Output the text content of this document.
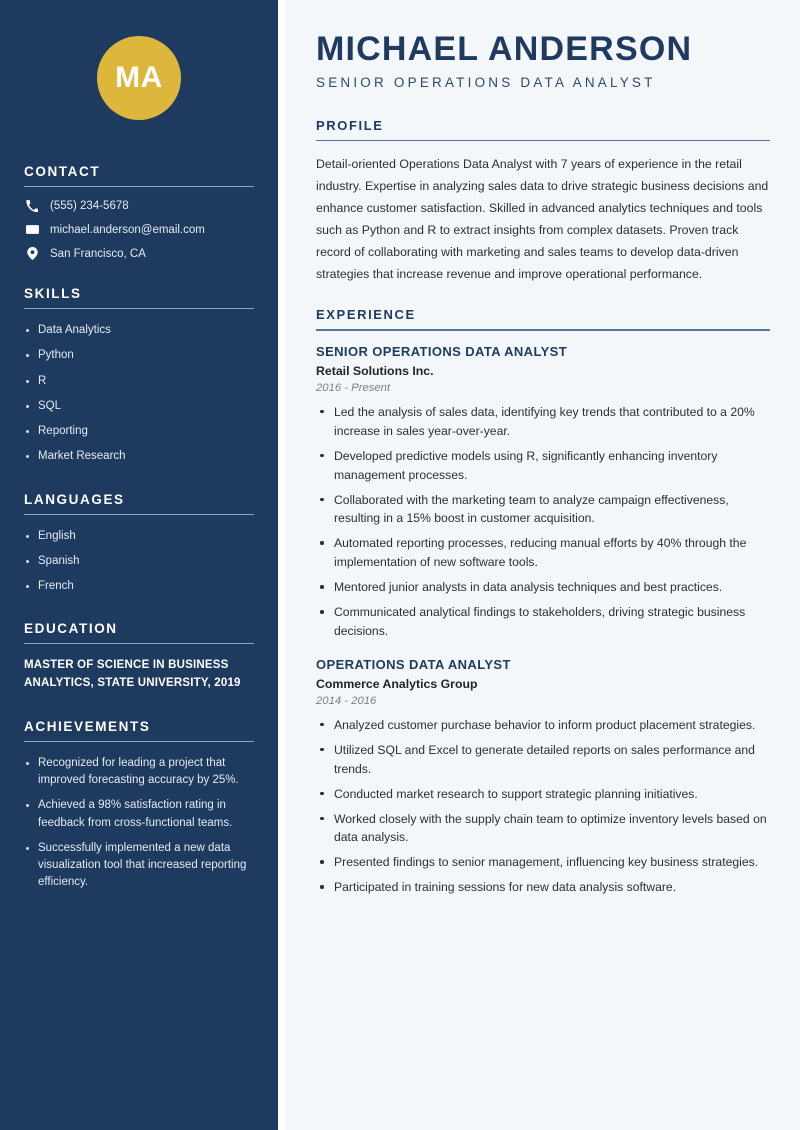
MA
CONTACT
(555) 234-5678
michael.anderson@email.com
San Francisco, CA
SKILLS
Data Analytics
Python
R
SQL
Reporting
Market Research
LANGUAGES
English
Spanish
French
EDUCATION
MASTER OF SCIENCE IN BUSINESS ANALYTICS, STATE UNIVERSITY, 2019
ACHIEVEMENTS
Recognized for leading a project that improved forecasting accuracy by 25%.
Achieved a 98% satisfaction rating in feedback from cross-functional teams.
Successfully implemented a new data visualization tool that increased reporting efficiency.
MICHAEL ANDERSON
SENIOR OPERATIONS DATA ANALYST
PROFILE

Detail-oriented Operations Data Analyst with 7 years of experience in the retail industry. Expertise in analyzing sales data to drive strategic business decisions and enhance customer satisfaction. Skilled in advanced analytics techniques and tools such as Python and R to extract insights from complex datasets. Proven track record of collaborating with marketing and sales teams to develop data-driven strategies that increase revenue and improve operational performance.

EXPERIENCE
SENIOR OPERATIONS DATA ANALYST
Retail Solutions Inc.
2016 - Present
Led the analysis of sales data, identifying key trends that contributed to a 20% increase in sales year-over-year.
Developed predictive models using R, significantly enhancing inventory management processes.
Collaborated with the marketing team to analyze campaign effectiveness, resulting in a 15% boost in customer acquisition.
Automated reporting processes, reducing manual efforts by 40% through the implementation of new software tools.
Mentored junior analysts in data analysis techniques and best practices.
Communicated analytical findings to stakeholders, driving strategic business decisions.
OPERATIONS DATA ANALYST
Commerce Analytics Group
2014 - 2016
Analyzed customer purchase behavior to inform product placement strategies.
Utilized SQL and Excel to generate detailed reports on sales performance and trends.
Conducted market research to support strategic planning initiatives.
Worked closely with the supply chain team to optimize inventory levels based on data analysis.
Presented findings to senior management, influencing key business strategies.
Participated in training sessions for new data analysis software.
